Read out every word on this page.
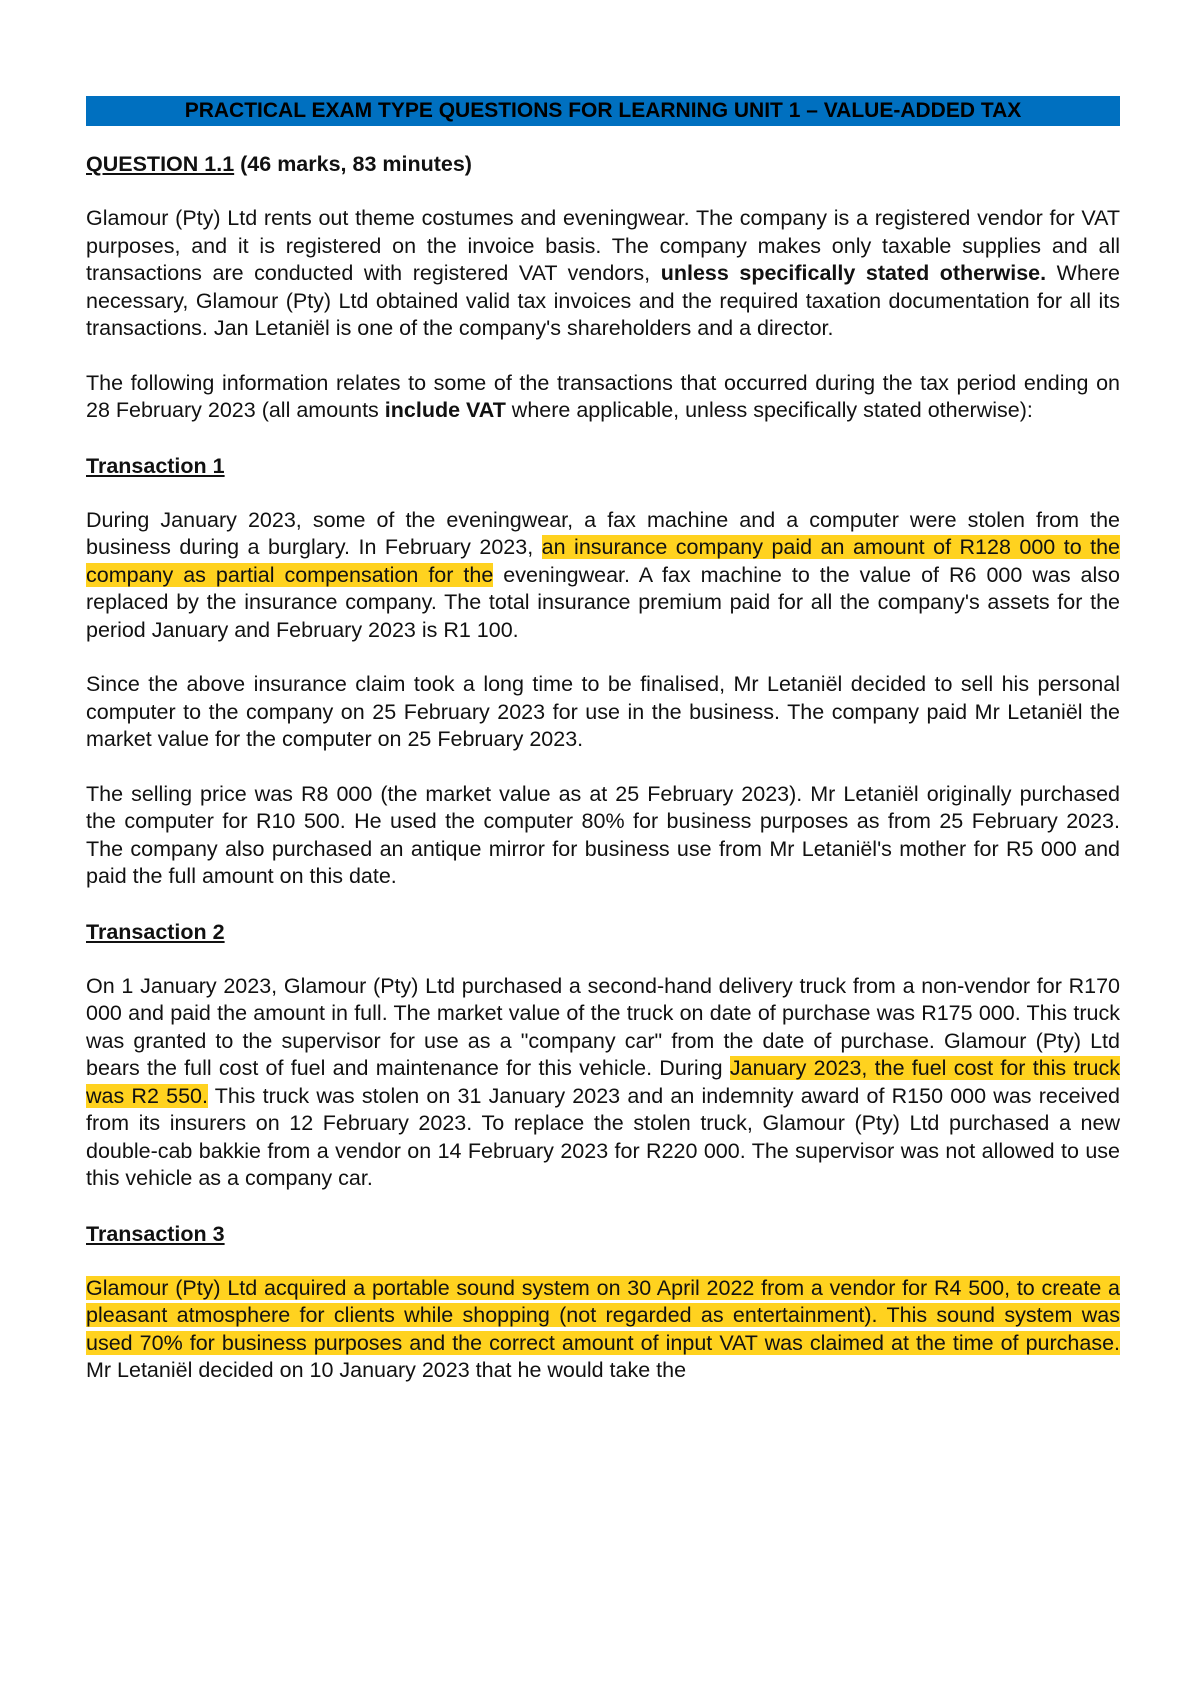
PRACTICAL EXAM TYPE QUESTIONS FOR LEARNING UNIT 1 – VALUE-ADDED TAX
QUESTION 1.1 (46 marks, 83 minutes)

Glamour (Pty) Ltd rents out theme costumes and eveningwear. The company is a registered vendor for VAT purposes, and it is registered on the invoice basis. The company makes only taxable supplies and all transactions are conducted with registered VAT vendors, unless specifically stated otherwise. Where necessary, Glamour (Pty) Ltd obtained valid tax invoices and the required taxation documentation for all its transactions. Jan Letaniël is one of the company's shareholders and a director.

The following information relates to some of the transactions that occurred during the tax period ending on 28 February 2023 (all amounts include VAT where applicable, unless specifically stated otherwise):

Transaction 1

During January 2023, some of the eveningwear, a fax machine and a computer were stolen from the business during a burglary. In February 2023, an insurance company paid an amount of R128 000 to the company as partial compensation for the eveningwear. A fax machine to the value of R6 000 was also replaced by the insurance company. The total insurance premium paid for all the company's assets for the period January and February 2023 is R1 100.

Since the above insurance claim took a long time to be finalised, Mr Letaniël decided to sell his personal computer to the company on 25 February 2023 for use in the business. The company paid Mr Letaniël the market value for the computer on 25 February 2023.

The selling price was R8 000 (the market value as at 25 February 2023). Mr Letaniël originally purchased the computer for R10 500. He used the computer 80% for business purposes as from 25 February 2023. The company also purchased an antique mirror for business use from Mr Letaniël's mother for R5 000 and paid the full amount on this date.

Transaction 2

On 1 January 2023, Glamour (Pty) Ltd purchased a second-hand delivery truck from a non-vendor for R170 000 and paid the amount in full. The market value of the truck on date of purchase was R175 000. This truck was granted to the supervisor for use as a "company car" from the date of purchase. Glamour (Pty) Ltd bears the full cost of fuel and maintenance for this vehicle. During January 2023, the fuel cost for this truck was R2 550. This truck was stolen on 31 January 2023 and an indemnity award of R150 000 was received from its insurers on 12 February 2023. To replace the stolen truck, Glamour (Pty) Ltd purchased a new double-cab bakkie from a vendor on 14 February 2023 for R220 000. The supervisor was not allowed to use this vehicle as a company car.

Transaction 3

Glamour (Pty) Ltd acquired a portable sound system on 30 April 2022 from a vendor for R4 500, to create a pleasant atmosphere for clients while shopping (not regarded as entertainment). This sound system was used 70% for business purposes and the correct amount of input VAT was claimed at the time of purchase. Mr Letaniël decided on 10 January 2023 that he would take the
